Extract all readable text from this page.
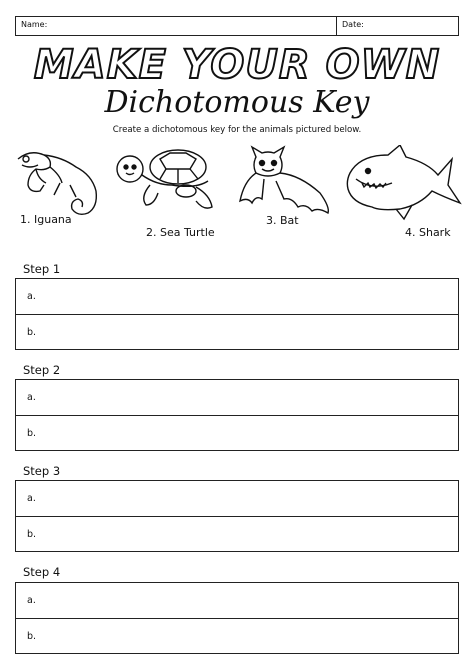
Name:	Date:
MAKE YOUR OWN
Dichotomous Key
Create a dichotomous key for the animals pictured below.
1. Iguana
2. Sea Turtle
3. Bat
4. Shark
Step 1
a.
b.
Step 2
a.
b.
Step 3
a.
b.
Step 4
a.
b.
